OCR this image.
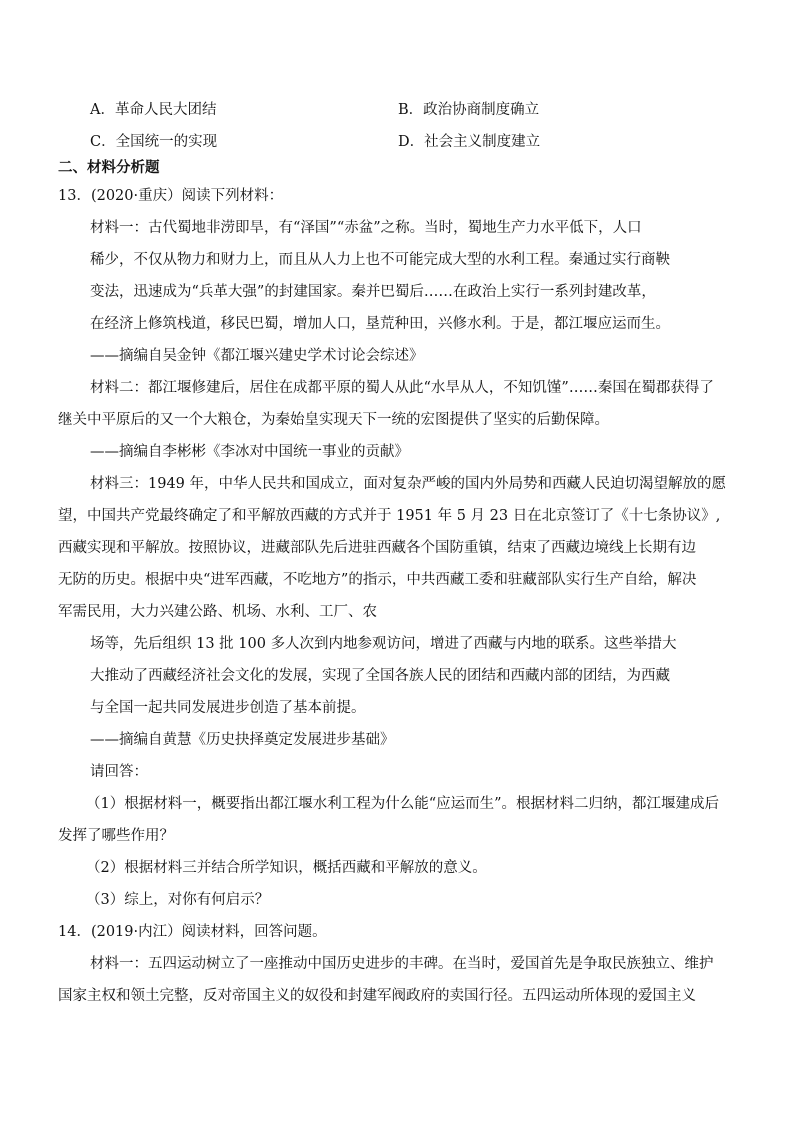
A．革命人民大团结	B．政治协商制度确立
C．全国统一的实现	D．社会主义制度建立
二、材料分析题
13．(2020·重庆）阅读下列材料：
材料一：古代蜀地非涝即旱，有“泽国”“赤盆”之称。当时，蜀地生产力水平低下，人口
稀少，不仅从物力和财力上，而且从人力上也不可能完成大型的水利工程。秦通过实行商鞅
变法，迅速成为“兵革大强”的封建国家。秦并巴蜀后……在政治上实行一系列封建改革，
在经济上修筑栈道，移民巴蜀，增加人口，垦荒种田，兴修水利。于是，都江堰应运而生。
——摘编自吴金钟《都江堰兴建史学术讨论会综述》
材料二：都江堰修建后，居住在成都平原的蜀人从此“水旱从人，不知饥馑”……秦国在蜀郡获得了
继关中平原后的又一个大粮仓，为秦始皇实现天下一统的宏图提供了坚实的后勤保障。
——摘编自李彬彬《李冰对中国统一事业的贡献》
材料三：1949 年，中华人民共和国成立，面对复杂严峻的国内外局势和西藏人民迫切渴望解放的愿
望，中国共产党最终确定了和平解放西藏的方式并于 1951 年 5 月 23 日在北京签订了《十七条协议》,
西藏实现和平解放。按照协议，进藏部队先后进驻西藏各个国防重镇，结束了西藏边境线上长期有边
无防的历史。根据中央“进军西藏，不吃地方”的指示，中共西藏工委和驻藏部队实行生产自给，解决
军需民用，大力兴建公路、机场、水利、工厂、农
场等，先后组织 13 批 100 多人次到内地参观访问，增进了西藏与内地的联系。这些举措大
大推动了西藏经济社会文化的发展，实现了全国各族人民的团结和西藏内部的团结，为西藏
与全国一起共同发展进步创造了基本前提。
——摘编自黄慧《历史抉择奠定发展进步基础》
请回答：
（1）根据材料一，概要指出都江堰水利工程为什么能“应运而生”。根据材料二归纳，都江堰建成后
发挥了哪些作用？
（2）根据材料三并结合所学知识，概括西藏和平解放的意义。
（3）综上，对你有何启示？
14．(2019·内江）阅读材料，回答问题。
材料一：五四运动树立了一座推动中国历史进步的丰碑。在当时，爱国首先是争取民族独立、维护
国家主权和领土完整，反对帝国主义的奴役和封建军阀政府的卖国行径。五四运动所体现的爱国主义
